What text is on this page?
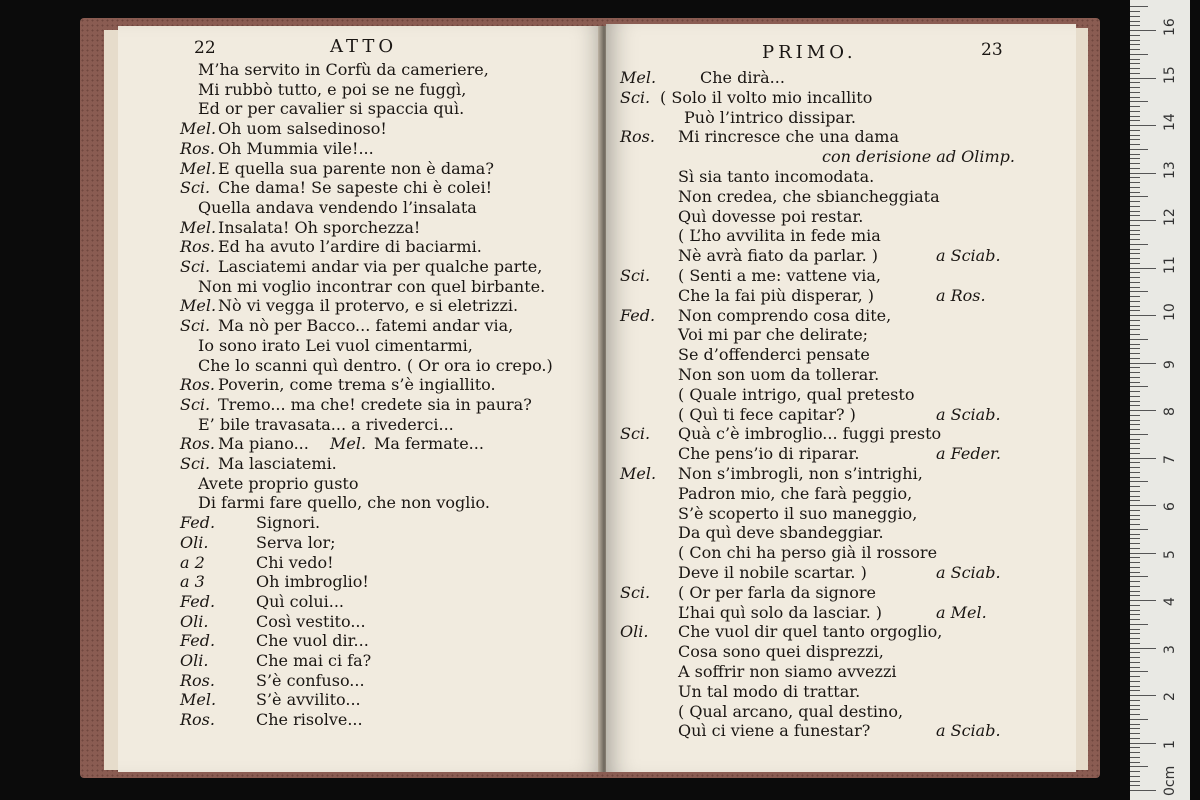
22	ATTO
M’ha servito in Corfù da cameriere,
Mi rubbò tutto, e poi se ne fuggì,
Ed or per cavalier si spaccia quì.
Mel. Oh uom salsedinoso!
Ros. Oh Mummia vile!...
Mel. E quella sua parente non è dama?
Sci. Che dama! Se sapeste chi è colei!
Quella andava vendendo l’insalata
Mel. Insalata! Oh sporchezza!
Ros. Ed ha avuto l’ardire di baciarmi.
Sci. Lasciatemi andar via per qualche parte,
Non mi voglio incontrar con quel birbante.
Mel. Nò vi vegga il protervo, e si eletrizzi.
Sci. Ma nò per Bacco... fatemi andar via,
Io sono irato Lei vuol cimentarmi,
Che lo scanni quì dentro. ( Or ora io crepo.)
Ros. Poverin, come trema s’è ingiallito.
Sci. Tremo... ma che! credete sia in paura?
E’ bile travasata... a rivederci...
Ros. Ma piano... Mel. Ma fermate...
Sci. Ma lasciatemi.
Avete proprio gusto
Di farmi fare quello, che non voglio.
Fed.	Signori.
Oli.	Serva lor;
a 2	Chi vedo!
a 3	Oh imbroglio!
Fed.	Quì colui...
Oli.	Così vestito...
Fed.	Che vuol dir...
Oli.	Che mai ci fa?
Ros.	S’è confuso...
Mel. S’è avvilito...
Ros.	Che risolve...
PRIMO.	23
Mel.	Che dirà...
Sci. ( Solo il volto mio incallito
Può l’intrico dissipar.
Ros. Mi rincresce che una dama
con derisione ad Olimp.
Sì sia tanto incomodata.
Non credea, che sbiancheggiata
Quì dovesse poi restar.
( L’ho avvilita in fede mia
Nè avrà fiato da parlar. )	a Sciab.
Sci. ( Senti a me: vattene via,
Che la fai più disperar, )	a Ros.
Fed. Non comprendo cosa dite,
Voi mi par che delirate;
Se d’offenderci pensate
Non son uom da tollerar.
( Quale intrigo, qual pretesto
( Quì ti fece capitar? )	a Sciab.
Sci. Quà c’è imbroglio... fuggi presto
Che pens’io di riparar.	a Feder.
Mel. Non s’imbrogli, non s’intrighi,
Padron mio, che farà peggio,
S’è scoperto il suo maneggio,
Da quì deve sbandeggiar.
( Con chi ha perso già il rossore
Deve il nobile scartar. )	a Sciab.
Sci. ( Or per farla da signore
L’hai quì solo da lasciar. )	a Mel.
Oli. Che vuol dir quel tanto orgoglio,
Cosa sono quei disprezzi,
A soffrir non siamo avvezzi
Un tal modo di trattar.
( Qual arcano, qual destino,
Quì ci viene a funestar?	a Sciab.
0cm
1
2
3
4
5
6
7
8
9
10
11
12
13
14
15
16
